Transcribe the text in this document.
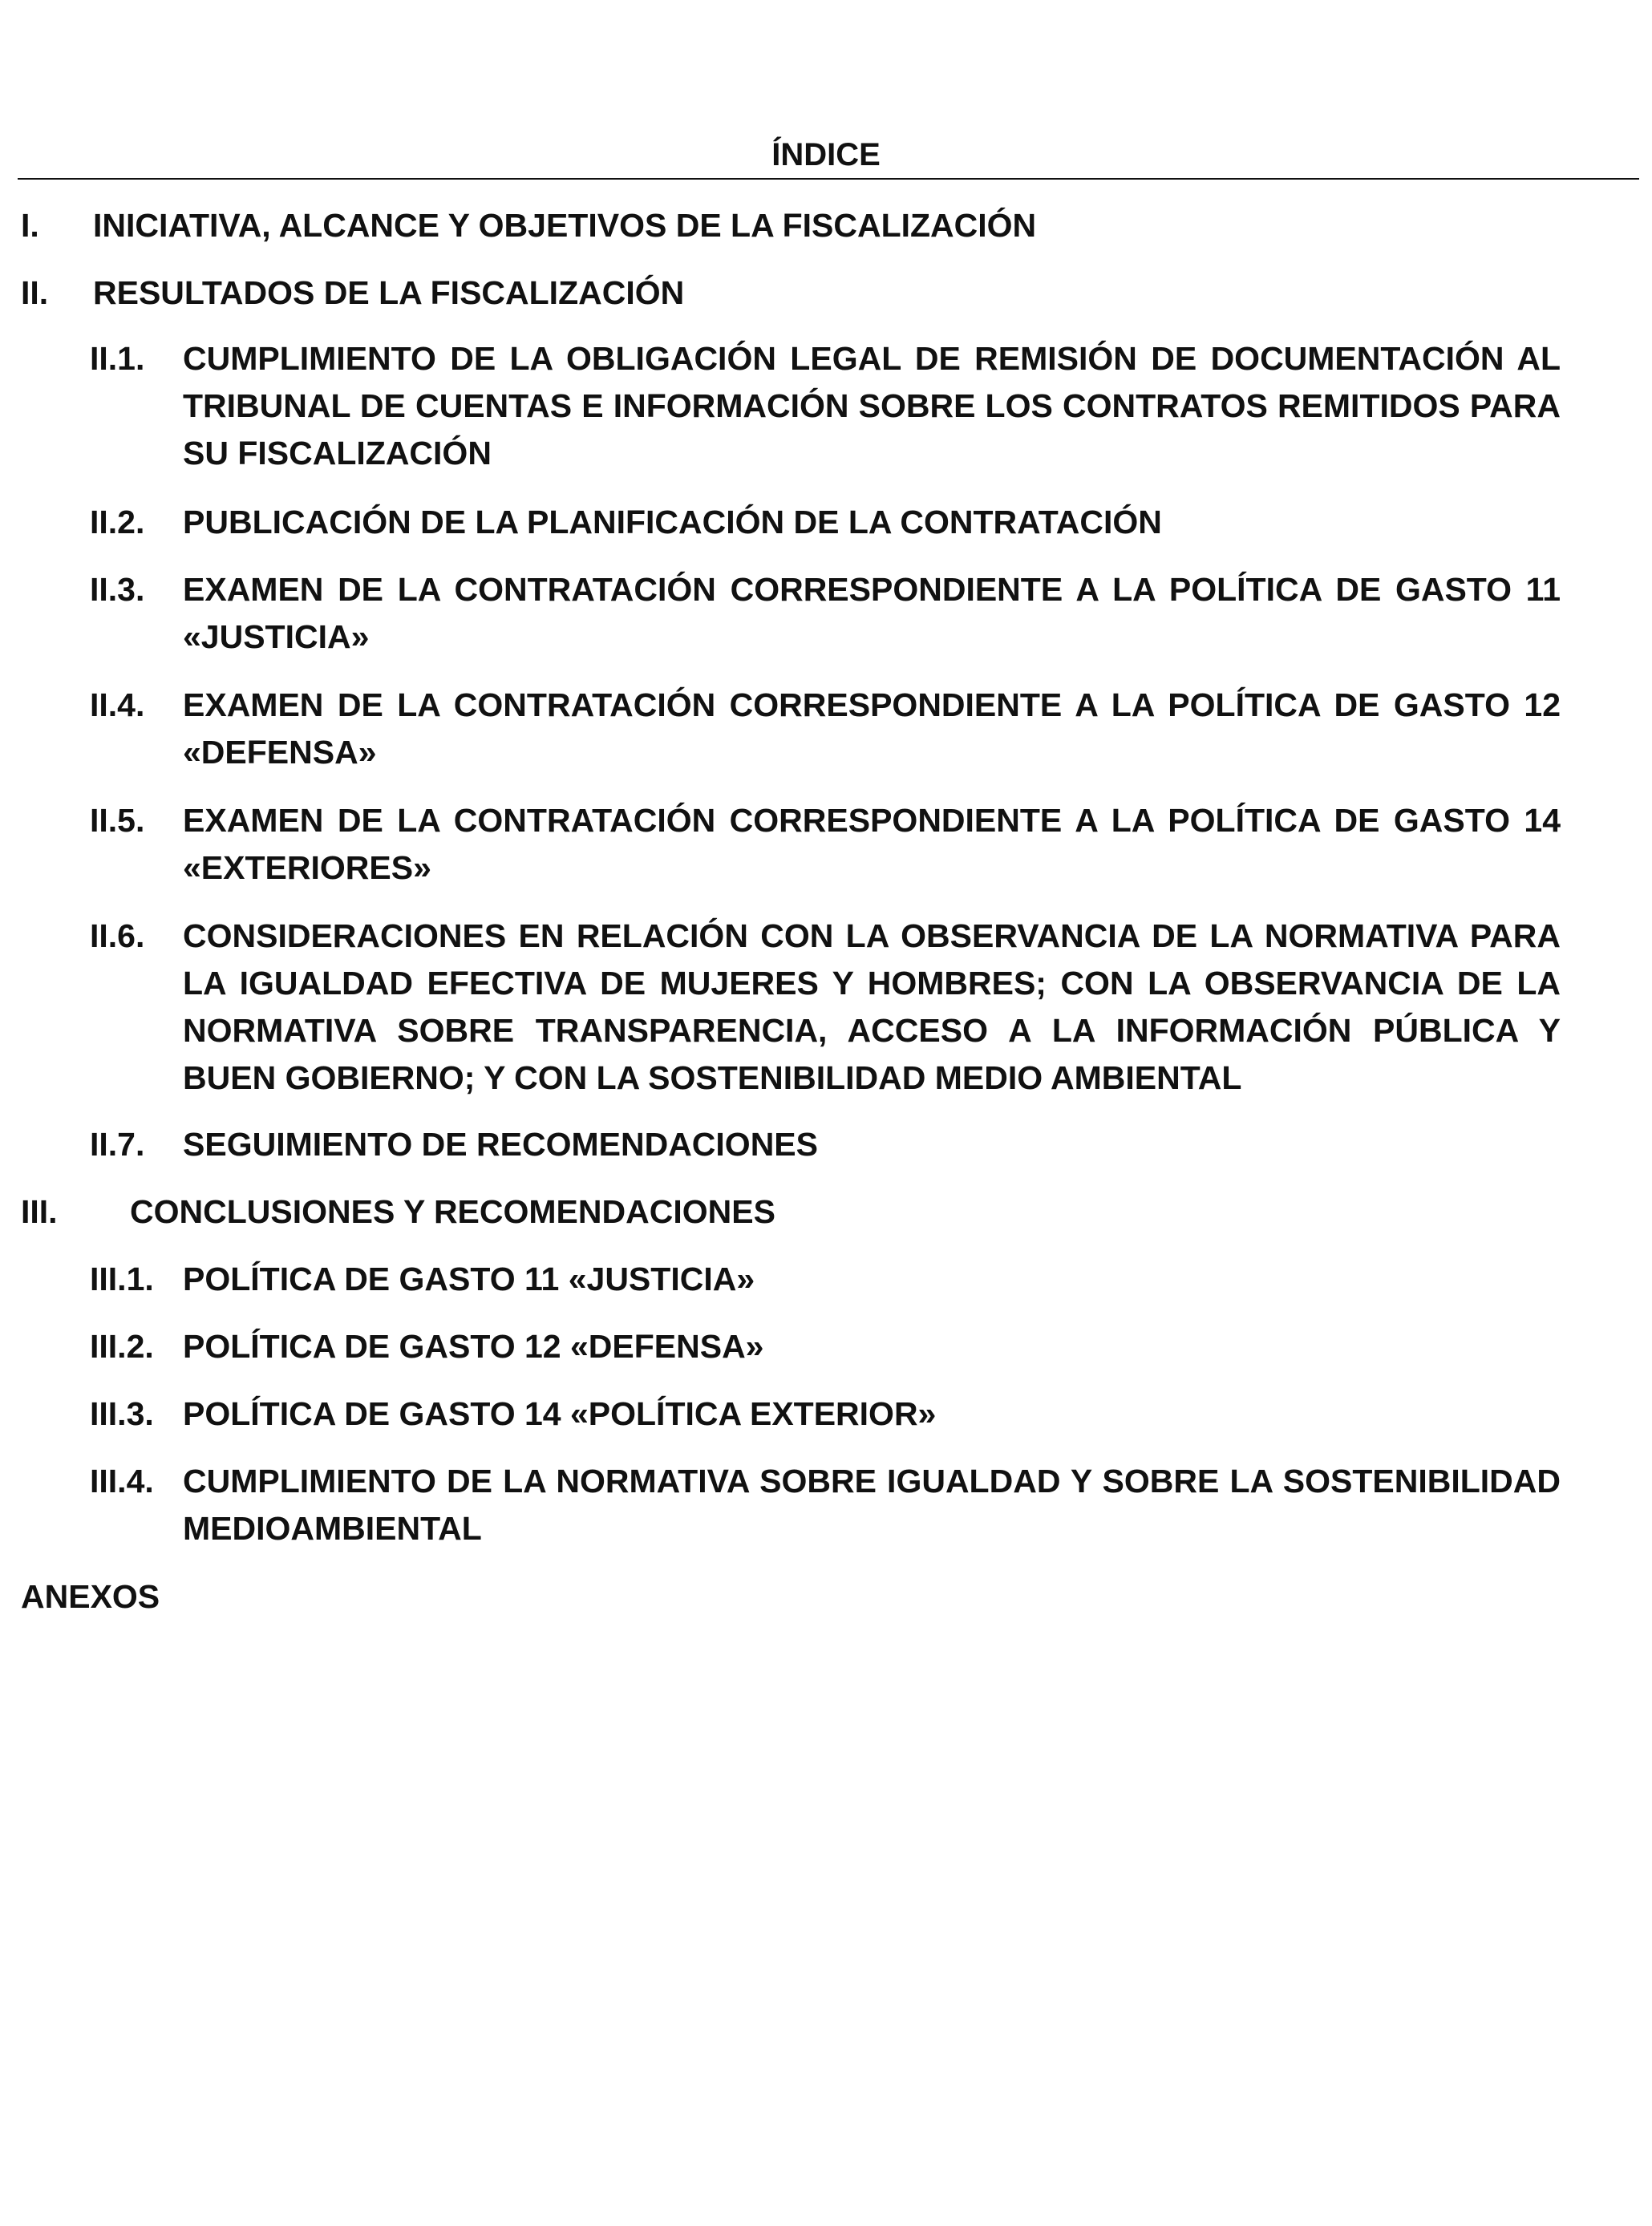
ÍNDICE
I. INICIATIVA, ALCANCE Y OBJETIVOS DE LA FISCALIZACIÓN
II. RESULTADOS DE LA FISCALIZACIÓN
II.1. CUMPLIMIENTO DE LA OBLIGACIÓN LEGAL DE REMISIÓN DE DOCUMENTACIÓN AL TRIBUNAL DE CUENTAS E INFORMACIÓN SOBRE LOS CONTRATOS REMITIDOS PARA SU FISCALIZACIÓN
II.2. PUBLICACIÓN DE LA PLANIFICACIÓN DE LA CONTRATACIÓN
II.3. EXAMEN DE LA CONTRATACIÓN CORRESPONDIENTE A LA POLÍTICA DE GASTO 11 «JUSTICIA»
II.4. EXAMEN DE LA CONTRATACIÓN CORRESPONDIENTE A LA POLÍTICA DE GASTO 12 «DEFENSA»
II.5. EXAMEN DE LA CONTRATACIÓN CORRESPONDIENTE A LA POLÍTICA DE GASTO 14 «EXTERIORES»
II.6. CONSIDERACIONES EN RELACIÓN CON LA OBSERVANCIA DE LA NORMATIVA PARA LA IGUALDAD EFECTIVA DE MUJERES Y HOMBRES; CON LA OBSERVANCIA DE LA NORMATIVA SOBRE TRANSPARENCIA, ACCESO A LA INFORMACIÓN PÚBLICA Y BUEN GOBIERNO; Y CON LA SOSTENIBILIDAD MEDIO AMBIENTAL
II.7. SEGUIMIENTO DE RECOMENDACIONES
III. CONCLUSIONES Y RECOMENDACIONES
III.1. POLÍTICA DE GASTO 11 «JUSTICIA»
III.2. POLÍTICA DE GASTO 12 «DEFENSA»
III.3. POLÍTICA DE GASTO 14 «POLÍTICA EXTERIOR»
III.4. CUMPLIMIENTO DE LA NORMATIVA SOBRE IGUALDAD Y SOBRE LA SOSTENIBILIDAD MEDIOAMBIENTAL
ANEXOS
